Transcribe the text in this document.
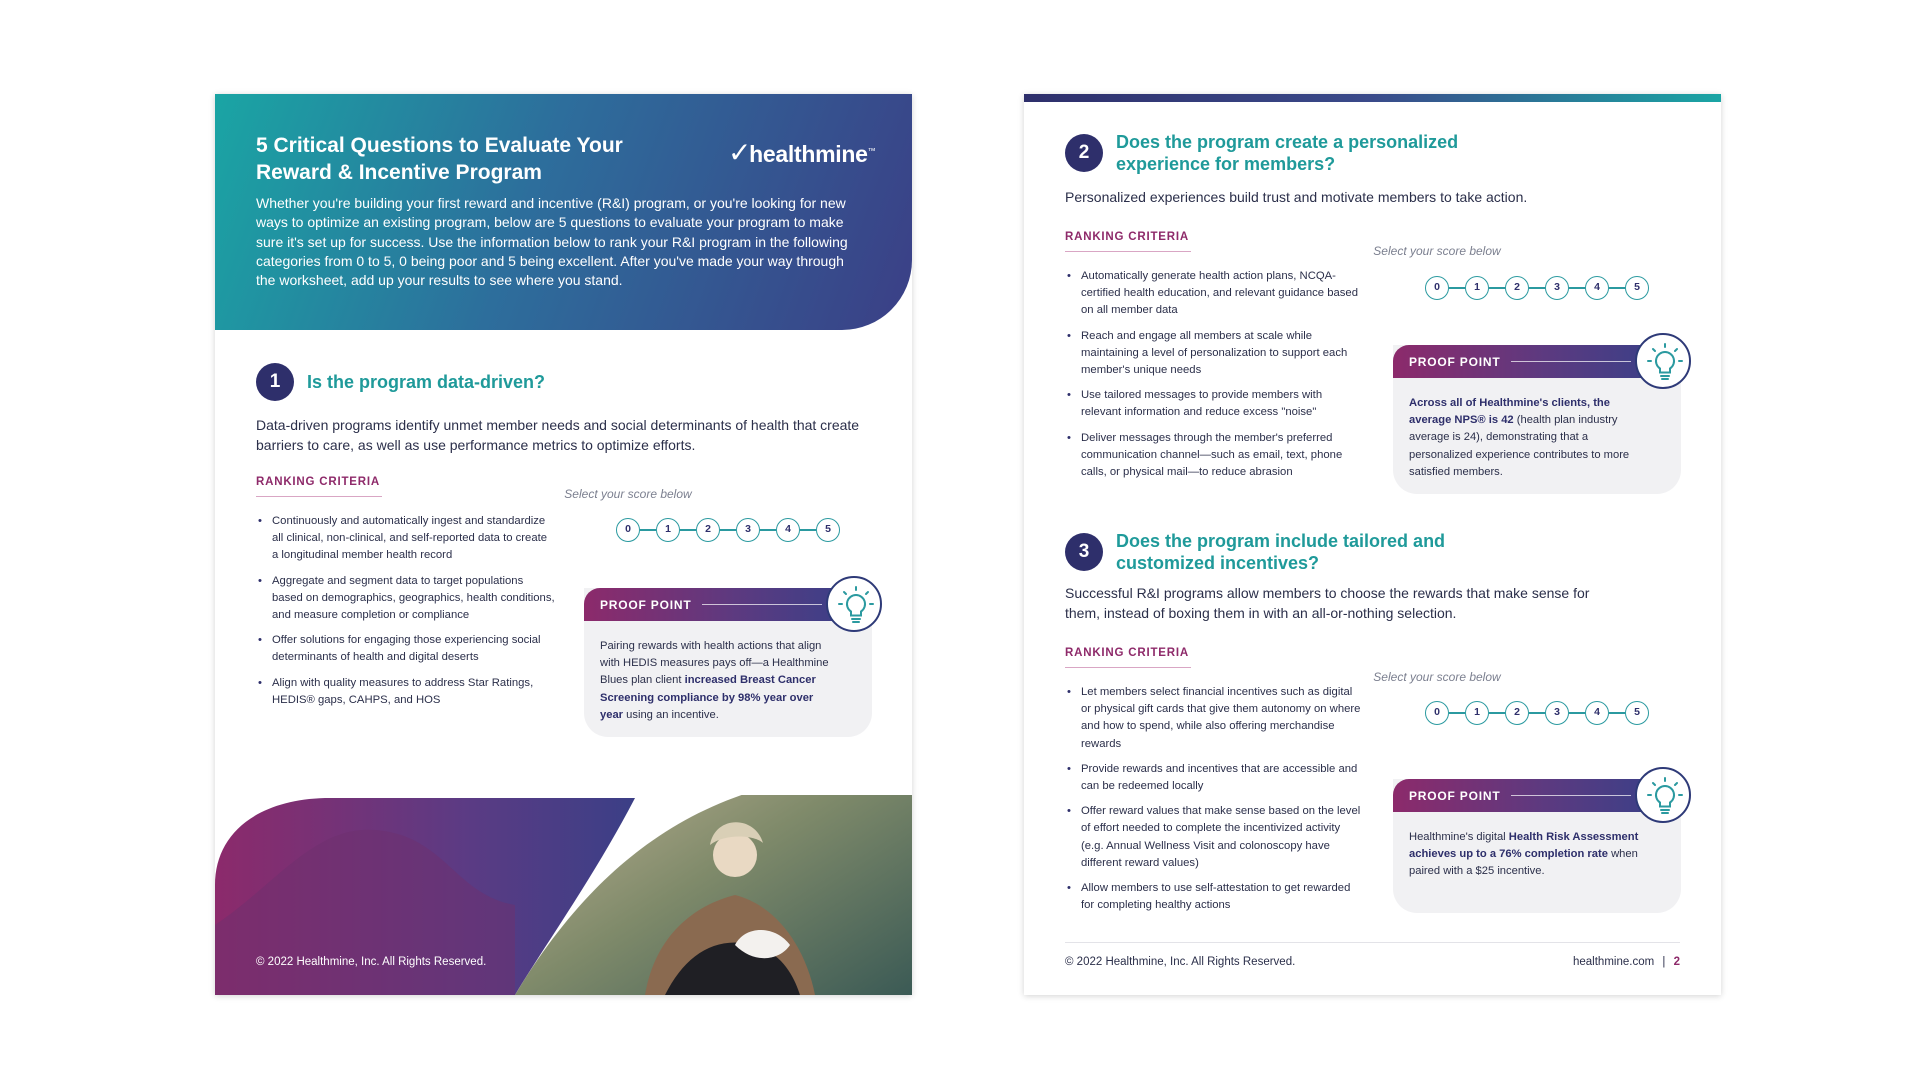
5 Critical Questions to Evaluate Your Reward & Incentive Program
✓healthmine™

Whether you're building your first reward and incentive (R&I) program, or you're looking for new ways to optimize an existing program, below are 5 questions to evaluate your program to make sure it's set up for success. Use the information below to rank your R&I program in the following categories from 0 to 5, 0 being poor and 5 being excellent. After you've made your way through the worksheet, add up your results to see where you stand.

1	Is the program data-driven?

Data-driven programs identify unmet member needs and social determinants of health that create barriers to care, as well as use performance metrics to optimize efforts.

RANKING CRITERIA
• Continuously and automatically ingest and standardize all clinical, non-clinical, and self-reported data to create a longitudinal member health record
• Aggregate and segment data to target populations based on demographics, geographics, health conditions, and measure completion or compliance
• Offer solutions for engaging those experiencing social determinants of health and digital deserts
• Align with quality measures to address Star Ratings, HEDIS® gaps, CAHPS, and HOS
Select your score below
0	1	2	3	4	5
PROOF POINT

Pairing rewards with health actions that align with HEDIS measures pays off—a Healthmine Blues plan client increased Breast Cancer Screening compliance by 98% year over year using an incentive.

© 2022 Healthmine, Inc. All Rights Reserved.
2	Does the program create a personalized experience for members?

Personalized experiences build trust and motivate members to take action.

RANKING CRITERIA
• Automatically generate health action plans, NCQA-certified health education, and relevant guidance based on all member data
• Reach and engage all members at scale while maintaining a level of personalization to support each member's unique needs
• Use tailored messages to provide members with relevant information and reduce excess "noise"
• Deliver messages through the member's preferred communication channel—such as email, text, phone calls, or physical mail—to reduce abrasion
Select your score below
0	1	2	3	4	5
PROOF POINT

Across all of Healthmine's clients, the average NPS® is 42 (health plan industry average is 24), demonstrating that a personalized experience contributes to more satisfied members.

3	Does the program include tailored and customized incentives?

Successful R&I programs allow members to choose the rewards that make sense for them, instead of boxing them in with an all-or-nothing selection.

RANKING CRITERIA
• Let members select financial incentives such as digital or physical gift cards that give them autonomy on where and how to spend, while also offering merchandise rewards
• Provide rewards and incentives that are accessible and can be redeemed locally
• Offer reward values that make sense based on the level of effort needed to complete the incentivized activity (e.g. Annual Wellness Visit and colonoscopy have different reward values)
• Allow members to use self-attestation to get rewarded for completing healthy actions
Select your score below
0	1	2	3	4	5
PROOF POINT

Healthmine's digital Health Risk Assessment achieves up to a 76% completion rate when paired with a $25 incentive.

© 2022 Healthmine, Inc. All Rights Reserved.	healthmine.com | 2
